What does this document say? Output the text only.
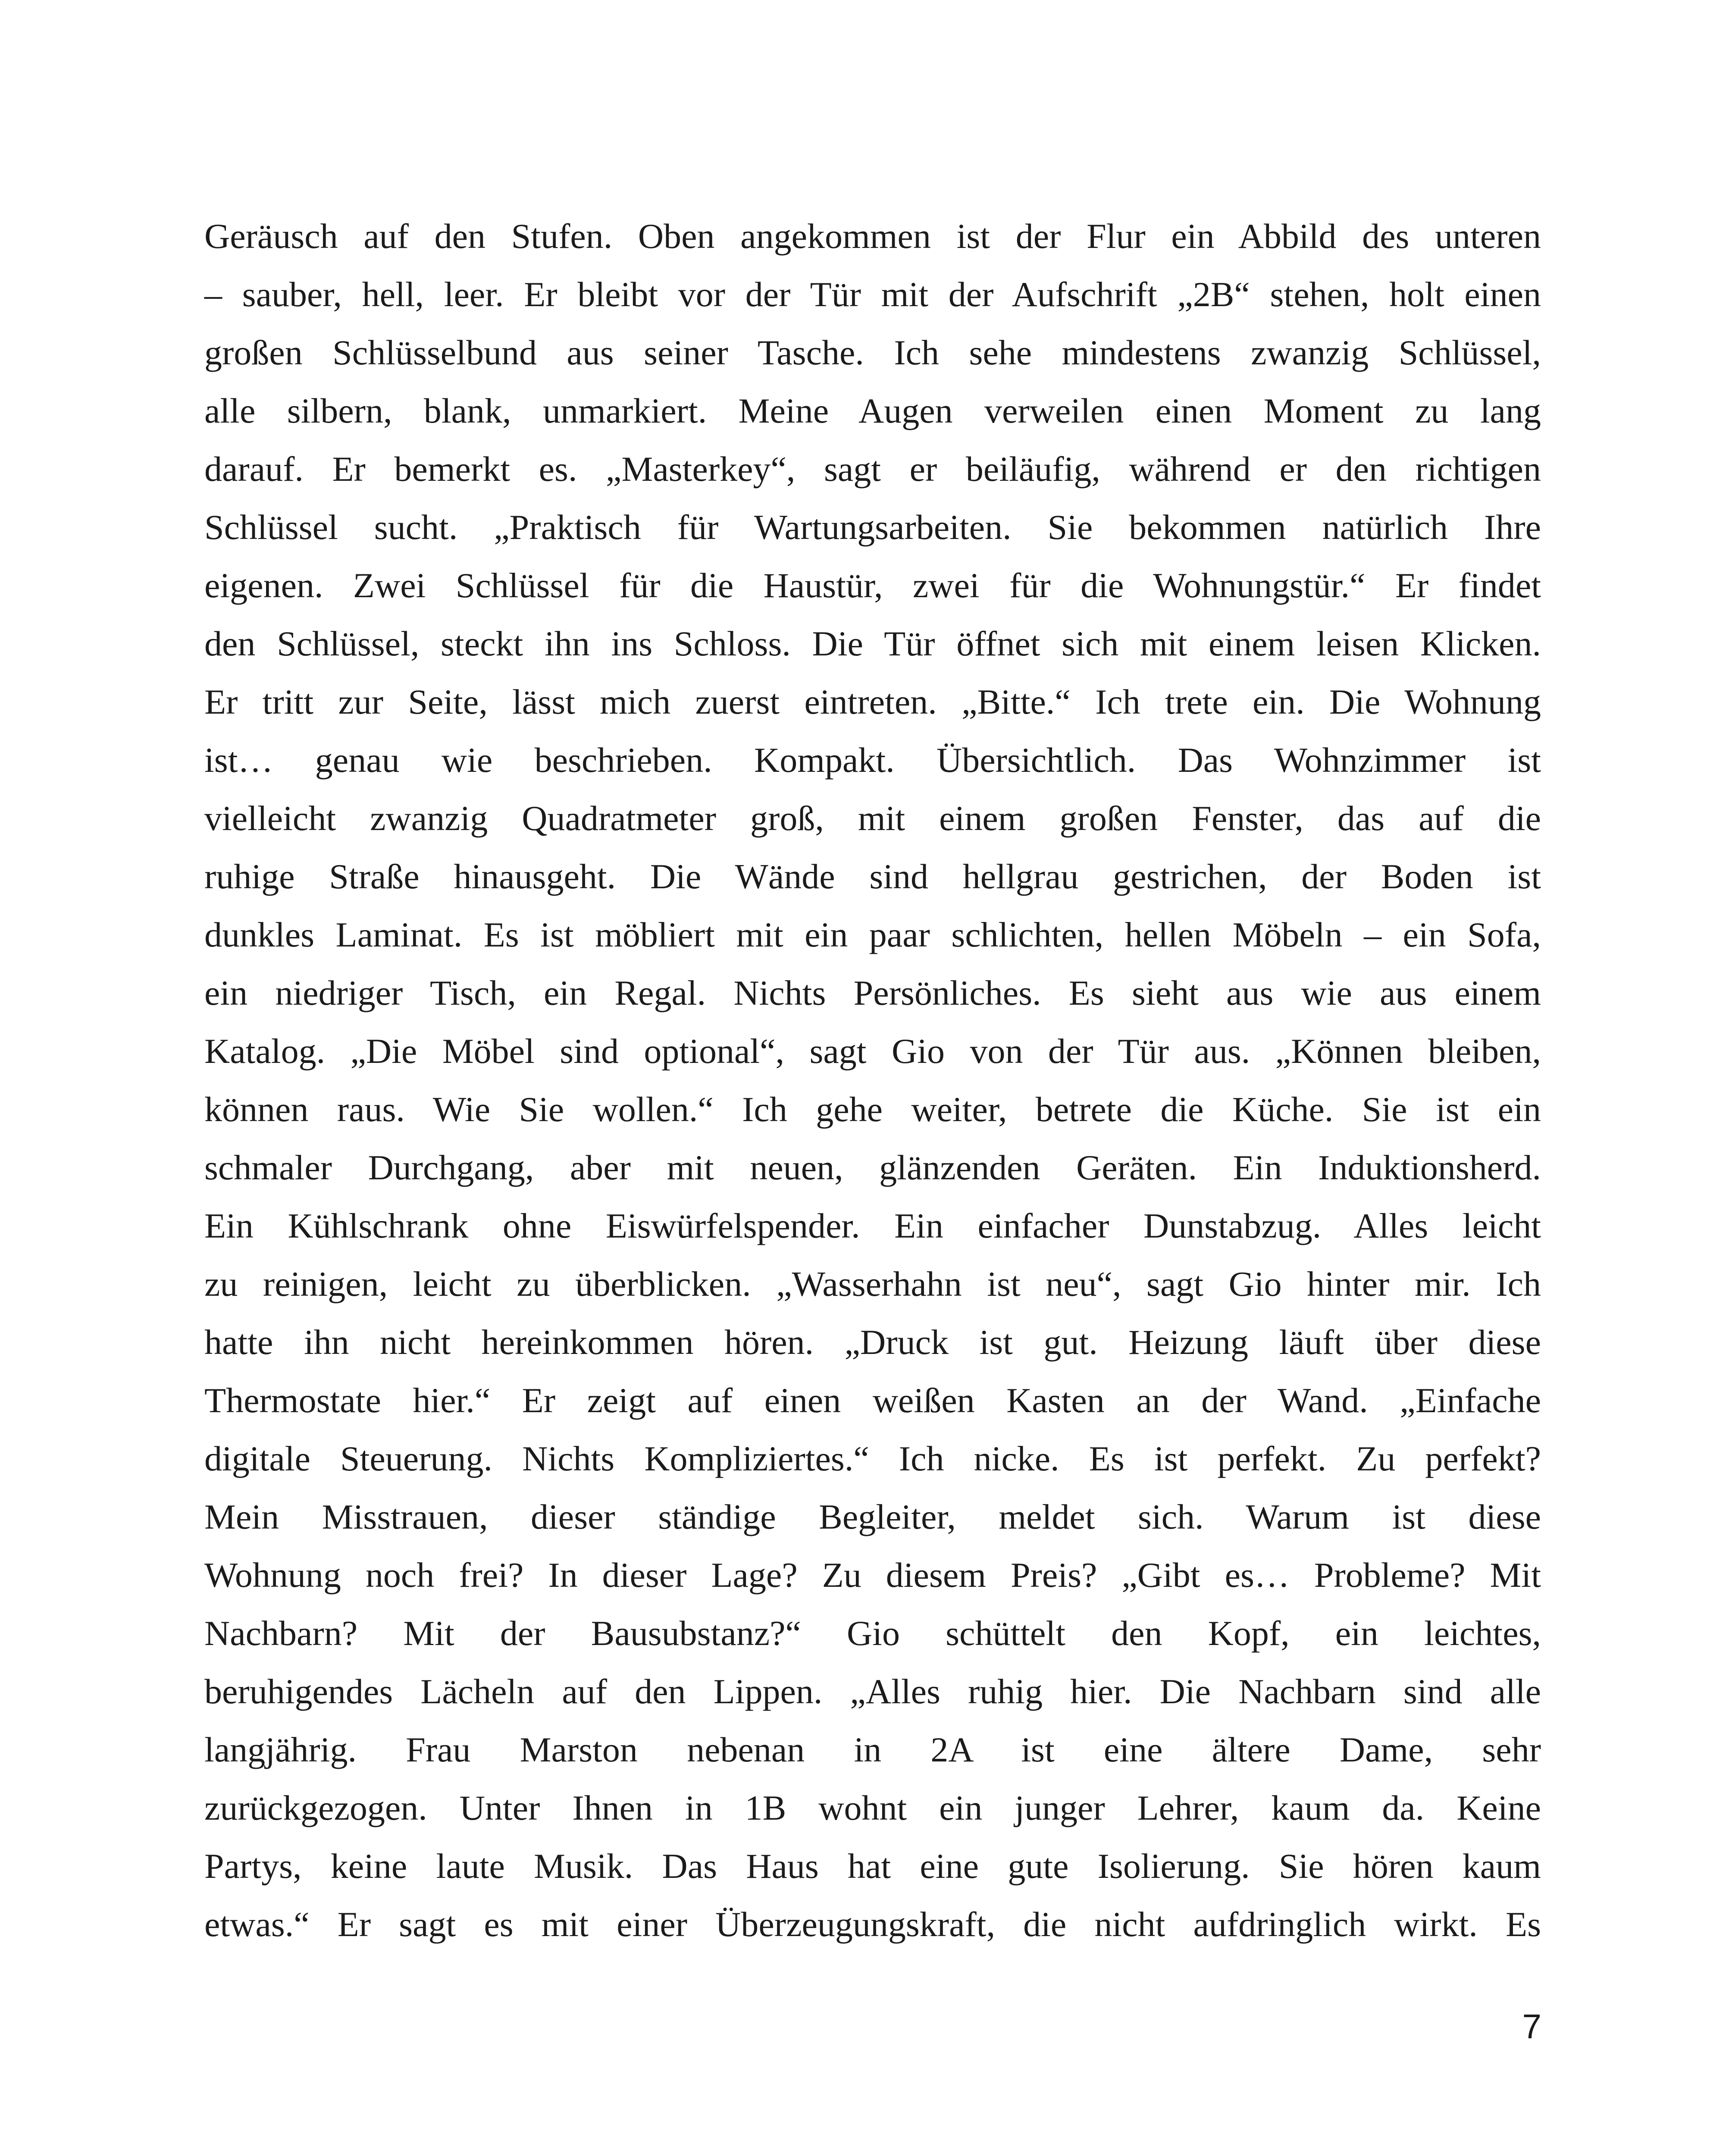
Geräusch auf den Stufen. Oben angekommen ist der Flur ein Abbild des unteren
– sauber, hell, leer. Er bleibt vor der Tür mit der Aufschrift „2B“ stehen, holt einen
großen Schlüsselbund aus seiner Tasche. Ich sehe mindestens zwanzig Schlüssel,
alle silbern, blank, unmarkiert. Meine Augen verweilen einen Moment zu lang
darauf. Er bemerkt es. „Masterkey“, sagt er beiläufig, während er den richtigen
Schlüssel sucht. „Praktisch für Wartungsarbeiten. Sie bekommen natürlich Ihre
eigenen. Zwei Schlüssel für die Haustür, zwei für die Wohnungstür.“ Er findet
den Schlüssel, steckt ihn ins Schloss. Die Tür öffnet sich mit einem leisen Klicken.
Er tritt zur Seite, lässt mich zuerst eintreten. „Bitte.“ Ich trete ein. Die Wohnung
ist… genau wie beschrieben. Kompakt. Übersichtlich. Das Wohnzimmer ist
vielleicht zwanzig Quadratmeter groß, mit einem großen Fenster, das auf die
ruhige Straße hinausgeht. Die Wände sind hellgrau gestrichen, der Boden ist
dunkles Laminat. Es ist möbliert mit ein paar schlichten, hellen Möbeln – ein Sofa,
ein niedriger Tisch, ein Regal. Nichts Persönliches. Es sieht aus wie aus einem
Katalog. „Die Möbel sind optional“, sagt Gio von der Tür aus. „Können bleiben,
können raus. Wie Sie wollen.“ Ich gehe weiter, betrete die Küche. Sie ist ein
schmaler Durchgang, aber mit neuen, glänzenden Geräten. Ein Induktionsherd.
Ein Kühlschrank ohne Eiswürfelspender. Ein einfacher Dunstabzug. Alles leicht
zu reinigen, leicht zu überblicken. „Wasserhahn ist neu“, sagt Gio hinter mir. Ich
hatte ihn nicht hereinkommen hören. „Druck ist gut. Heizung läuft über diese
Thermostate hier.“ Er zeigt auf einen weißen Kasten an der Wand. „Einfache
digitale Steuerung. Nichts Kompliziertes.“ Ich nicke. Es ist perfekt. Zu perfekt?
Mein Misstrauen, dieser ständige Begleiter, meldet sich. Warum ist diese
Wohnung noch frei? In dieser Lage? Zu diesem Preis? „Gibt es… Probleme? Mit
Nachbarn? Mit der Bausubstanz?“ Gio schüttelt den Kopf, ein leichtes,
beruhigendes Lächeln auf den Lippen. „Alles ruhig hier. Die Nachbarn sind alle
langjährig. Frau Marston nebenan in 2A ist eine ältere Dame, sehr
zurückgezogen. Unter Ihnen in 1B wohnt ein junger Lehrer, kaum da. Keine
Partys, keine laute Musik. Das Haus hat eine gute Isolierung. Sie hören kaum
etwas.“ Er sagt es mit einer Überzeugungskraft, die nicht aufdringlich wirkt. Es
7
